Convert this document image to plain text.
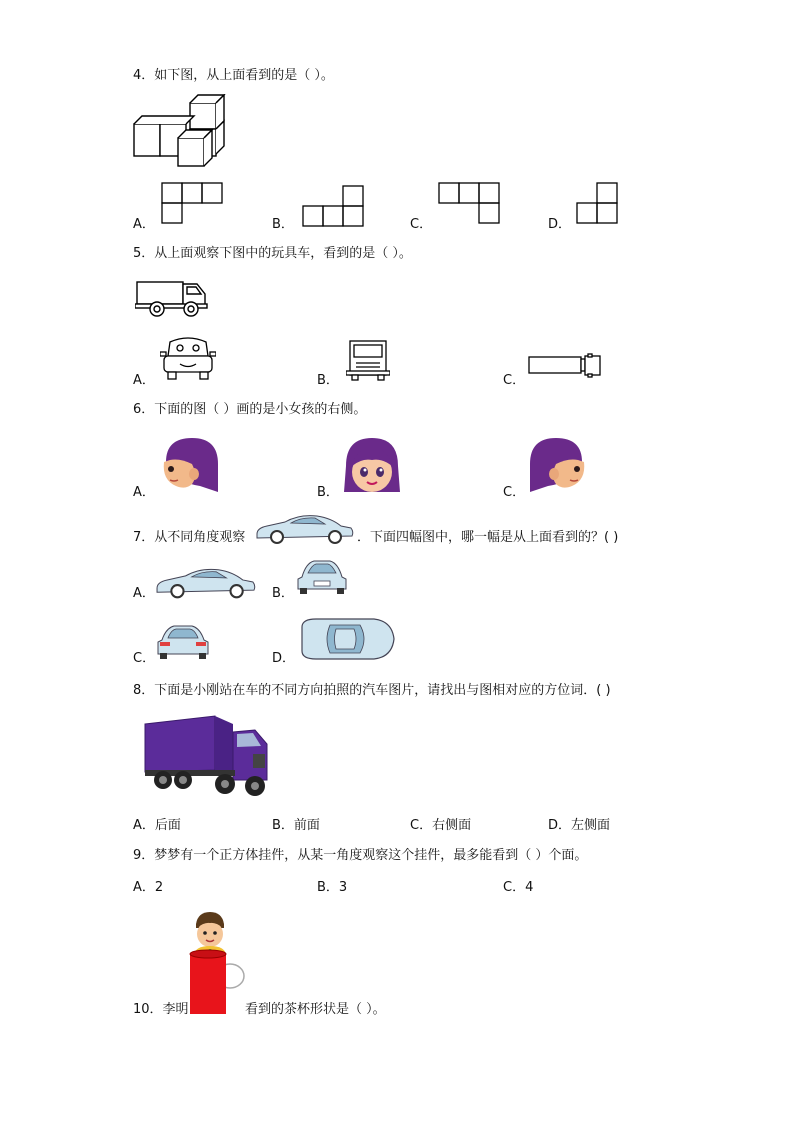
4．如下图，从上面看到的是（ ）。
A．	B．	C．	D．
5．从上面观察下图中的玩具车，看到的是（ ）。
A．	B．	C．
6．下面的图（ ）画的是小女孩的右侧。
A．	B．	C．
7．从不同角度观察	．下面四幅图中，哪一幅是从上面看到的？( )
A．	B．
C．	D．
8．下面是小刚站在车的不同方向拍照的汽车图片，请找出与图相对应的方位词．( )
A．后面	B．前面	C．右侧面	D．左侧面
9．梦梦有一个正方体挂件，从某一角度观察这个挂件，最多能看到（ ）个面。
A．2	B．3	C．4
10．李明	看到的茶杯形状是（ ）。
